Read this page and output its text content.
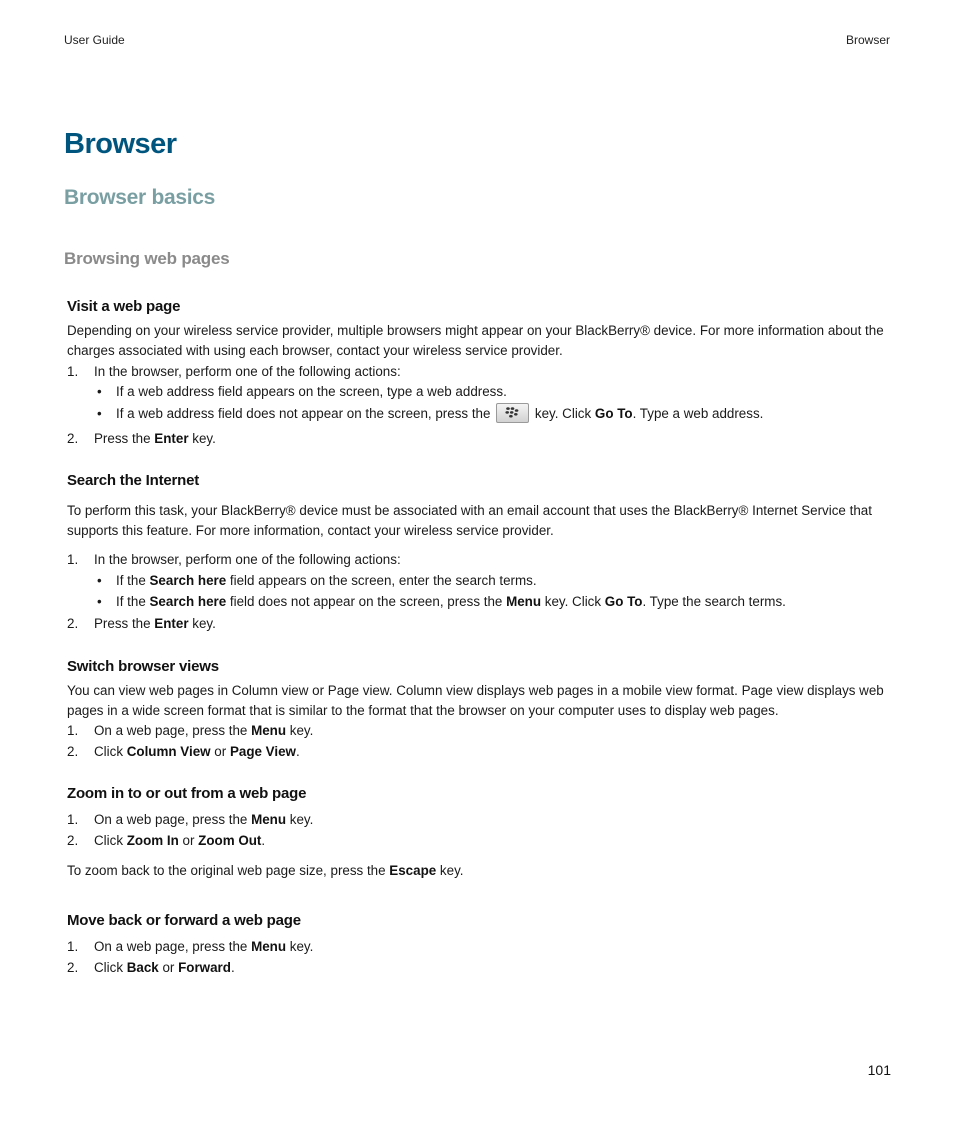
User Guide	Browser
Browser
Browser basics
Browsing web pages
Visit a web page

Depending on your wireless service provider, multiple browsers might appear on your BlackBerry® device. For more information about the charges associated with using each browser, contact your wireless service provider.

1. In the browser, perform one of the following actions:
• If a web address field appears on the screen, type a web address.
• If a web address field does not appear on the screen, press the	key. Click Go To. Type a web address.
2. Press the Enter key.
Search the Internet

To perform this task, your BlackBerry® device must be associated with an email account that uses the BlackBerry® Internet Service that supports this feature. For more information, contact your wireless service provider.

1. In the browser, perform one of the following actions:
• If the Search here field appears on the screen, enter the search terms.
• If the Search here field does not appear on the screen, press the Menu key. Click Go To. Type the search terms.
2. Press the Enter key.
Switch browser views

You can view web pages in Column view or Page view. Column view displays web pages in a mobile view format. Page view displays web pages in a wide screen format that is similar to the format that the browser on your computer uses to display web pages.

1. On a web page, press the Menu key.
2. Click Column View or Page View.
Zoom in to or out from a web page
1. On a web page, press the Menu key.
2. Click Zoom In or Zoom Out.
To zoom back to the original web page size, press the Escape key.
Move back or forward a web page
1. On a web page, press the Menu key.
2. Click Back or Forward.
101
